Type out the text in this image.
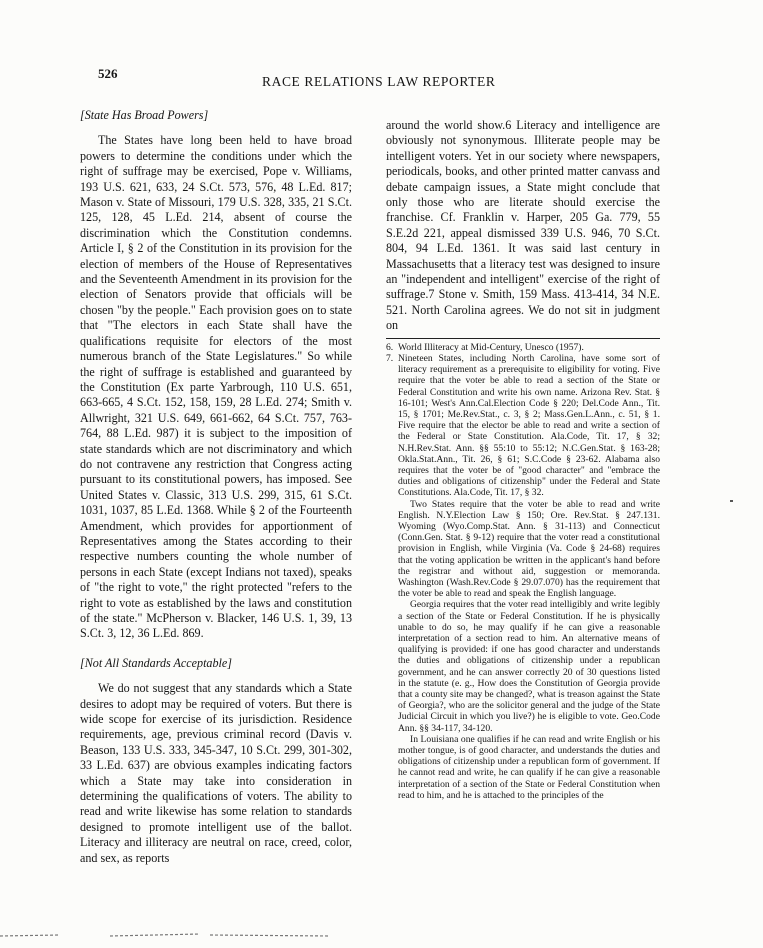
526
RACE RELATIONS LAW REPORTER
[State Has Broad Powers]

The States have long been held to have broad powers to determine the conditions under which the right of suffrage may be exercised, Pope v. Williams, 193 U.S. 621, 633, 24 S.Ct. 573, 576, 48 L.Ed. 817; Mason v. State of Missouri, 179 U.S. 328, 335, 21 S.Ct. 125, 128, 45 L.Ed. 214, absent of course the discrimination which the Constitution condemns. Article I, § 2 of the Constitution in its provision for the election of members of the House of Representatives and the Seventeenth Amendment in its provision for the election of Senators provide that officials will be chosen "by the people." Each provision goes on to state that "The electors in each State shall have the qualifications requisite for electors of the most numerous branch of the State Legislatures." So while the right of suffrage is established and guaranteed by the Constitution (Ex parte Yarbrough, 110 U.S. 651, 663-665, 4 S.Ct. 152, 158, 159, 28 L.Ed. 274; Smith v. Allwright, 321 U.S. 649, 661-662, 64 S.Ct. 757, 763-764, 88 L.Ed. 987) it is subject to the imposition of state standards which are not discriminatory and which do not contravene any restriction that Congress acting pursuant to its constitutional powers, has imposed. See United States v. Classic, 313 U.S. 299, 315, 61 S.Ct. 1031, 1037, 85 L.Ed. 1368. While § 2 of the Fourteenth Amendment, which provides for apportionment of Representatives among the States according to their respective numbers counting the whole number of persons in each State (except Indians not taxed), speaks of "the right to vote," the right protected "refers to the right to vote as established by the laws and constitution of the state." McPherson v. Blacker, 146 U.S. 1, 39, 13 S.Ct. 3, 12, 36 L.Ed. 869.

[Not All Standards Acceptable]

We do not suggest that any standards which a State desires to adopt may be required of voters. But there is wide scope for exercise of its jurisdiction. Residence requirements, age, previous criminal record (Davis v. Beason, 133 U.S. 333, 345-347, 10 S.Ct. 299, 301-302, 33 L.Ed. 637) are obvious examples indicating factors which a State may take into consideration in determining the qualifications of voters. The ability to read and write likewise has some relation to standards designed to promote intelligent use of the ballot. Literacy and illiteracy are neutral on race, creed, color, and sex, as reports

around the world show.6 Literacy and intelligence are obviously not synonymous. Illiterate people may be intelligent voters. Yet in our society where newspapers, periodicals, books, and other printed matter canvass and debate campaign issues, a State might conclude that only those who are literate should exercise the franchise. Cf. Franklin v. Harper, 205 Ga. 779, 55 S.E.2d 221, appeal dismissed 339 U.S. 946, 70 S.Ct. 804, 94 L.Ed. 1361. It was said last century in Massachusetts that a literacy test was designed to insure an "independent and intelligent" exercise of the right of suffrage.7 Stone v. Smith, 159 Mass. 413-414, 34 N.E. 521. North Carolina agrees. We do not sit in judgment on

6. World Illiteracy at Mid-Century, Unesco (1957).
7. Nineteen States, including North Carolina, have some sort of literacy requirement as a prerequisite to eligibility for voting. Five require that the voter be able to read a section of the State or Federal Constitution and write his own name. Arizona Rev. Stat. § 16-101; West's Ann.Cal.Election Code § 220; Del.Code Ann., Tit. 15, § 1701; Me.Rev.Stat., c. 3, § 2; Mass.Gen.L.Ann., c. 51, § 1. Five require that the elector be able to read and write a section of the Federal or State Constitution. Ala.Code, Tit. 17, § 32; N.H.Rev.Stat. Ann. §§ 55:10 to 55:12; N.C.Gen.Stat. § 163-28; Okla.Stat.Ann., Tit. 26, § 61; S.C.Code § 23-62. Alabama also requires that the voter be of "good character" and "embrace the duties and obligations of citizenship" under the Federal and State Constitutions. Ala.Code, Tit. 17, § 32.
Two States require that the voter be able to read and write English. N.Y.Election Law § 150; Ore. Rev.Stat. § 247.131. Wyoming (Wyo.Comp.Stat. Ann. § 31-113) and Connecticut (Conn.Gen. Stat. § 9-12) require that the voter read a constitutional provision in English, while Virginia (Va. Code § 24-68) requires that the voting application be written in the applicant's hand before the registrar and without aid, suggestion or memoranda. Washington (Wash.Rev.Code § 29.07.070) has the requirement that the voter be able to read and speak the English language.
Georgia requires that the voter read intelligibly and write legibly a section of the State or Federal Constitution. If he is physically unable to do so, he may qualify if he can give a reasonable interpretation of a section read to him. An alternative means of qualifying is provided: if one has good character and understands the duties and obligations of citizenship under a republican government, and he can answer correctly 20 of 30 questions listed in the statute (e. g., How does the Constitution of Georgia provide that a county site may be changed?, what is treason against the State of Georgia?, who are the solicitor general and the judge of the State Judicial Circuit in which you live?) he is eligible to vote. Geo.Code Ann. §§ 34-117, 34-120.
In Louisiana one qualifies if he can read and write English or his mother tongue, is of good character, and understands the duties and obligations of citizenship under a republican form of government. If he cannot read and write, he can qualify if he can give a reasonable interpretation of a section of the State or Federal Constitution when read to him, and he is attached to the principles of the
